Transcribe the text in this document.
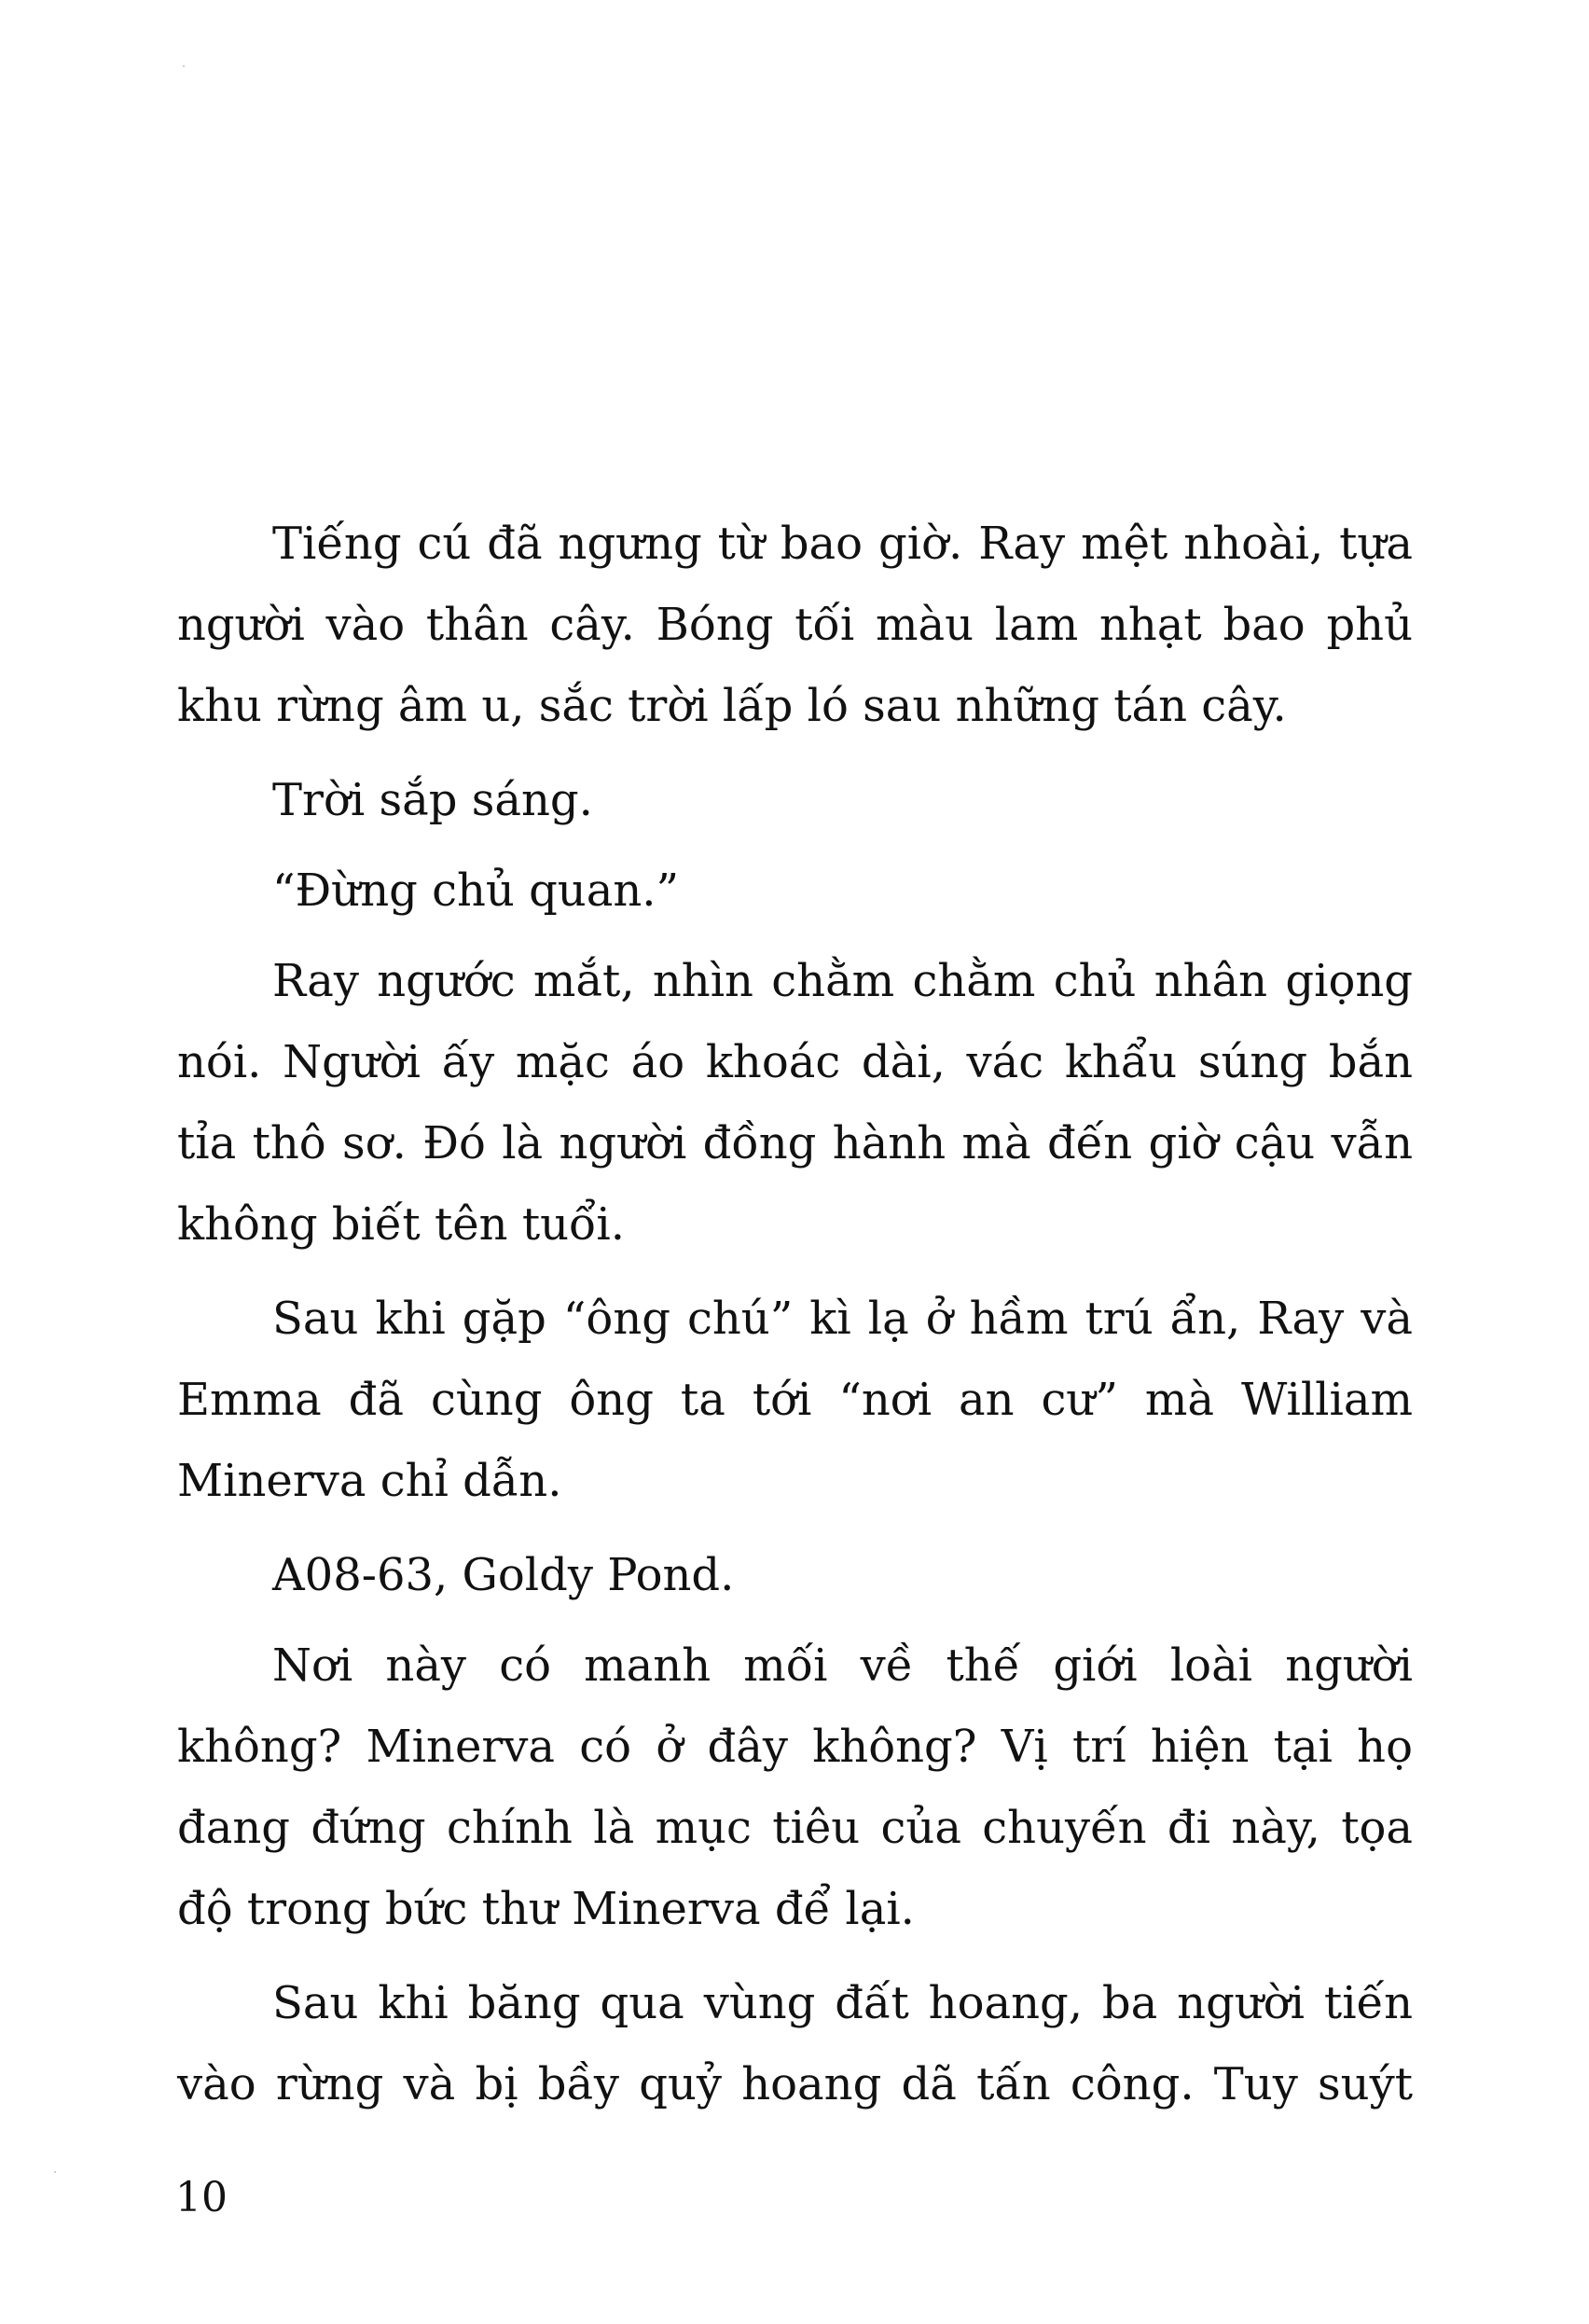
Tiếng cú đã ngưng từ bao giờ. Ray mệt nhoài, tựa người vào thân cây. Bóng tối màu lam nhạt bao phủ khu rừng âm u, sắc trời lấp ló sau những tán cây.

Trời sắp sáng.

“Đừng chủ quan.”

Ray ngước mắt, nhìn chằm chằm chủ nhân giọng nói. Người ấy mặc áo khoác dài, vác khẩu súng bắn tỉa thô sơ. Đó là người đồng hành mà đến giờ cậu vẫn không biết tên tuổi.

Sau khi gặp “ông chú” kì lạ ở hầm trú ẩn, Ray và Emma đã cùng ông ta tới “nơi an cư” mà William Minerva chỉ dẫn.

A08-63, Goldy Pond.

Nơi này có manh mối về thế giới loài người không? Minerva có ở đây không? Vị trí hiện tại họ đang đứng chính là mục tiêu của chuyến đi này, tọa độ trong bức thư Minerva để lại.

Sau khi băng qua vùng đất hoang, ba người tiến vào rừng và bị bầy quỷ hoang dã tấn công. Tuy suýt

10
